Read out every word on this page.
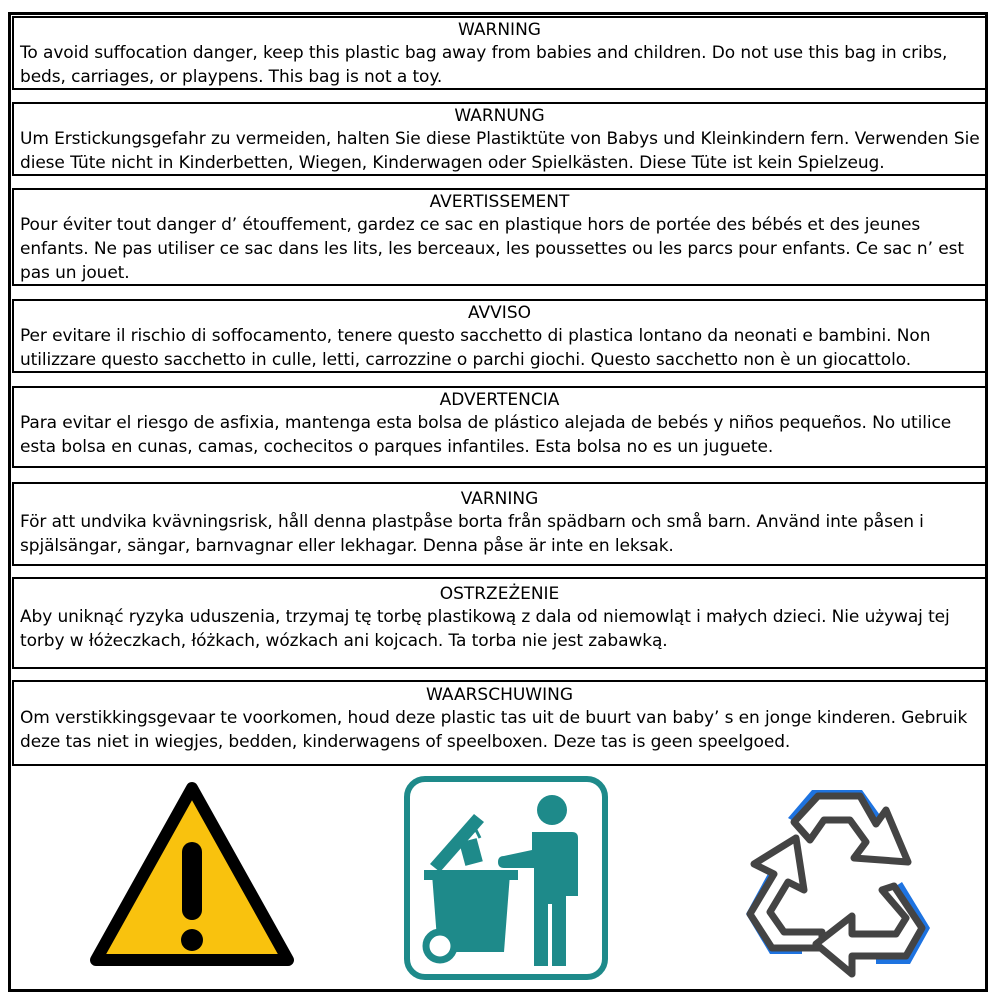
WARNING
To avoid suffocation danger, keep this plastic bag away from babies and children. Do not use this bag in cribs, beds, carriages, or playpens. This bag is not a toy.
WARNUNG
Um Erstickungsgefahr zu vermeiden, halten Sie diese Plastiktüte von Babys und Kleinkindern fern. Verwenden Sie diese Tüte nicht in Kinderbetten, Wiegen, Kinderwagen oder Spielkästen. Diese Tüte ist kein Spielzeug.
AVERTISSEMENT
Pour éviter tout danger d’ étouffement, gardez ce sac en plastique hors de portée des bébés et des jeunes enfants. Ne pas utiliser ce sac dans les lits, les berceaux, les poussettes ou les parcs pour enfants. Ce sac n’ est pas un jouet.
AVVISO
Per evitare il rischio di soffocamento, tenere questo sacchetto di plastica lontano da neonati e bambini. Non utilizzare questo sacchetto in culle, letti, carrozzine o parchi giochi. Questo sacchetto non è un giocattolo.
ADVERTENCIA
Para evitar el riesgo de asfixia, mantenga esta bolsa de plástico alejada de bebés y niños pequeños. No utilice esta bolsa en cunas, camas, cochecitos o parques infantiles. Esta bolsa no es un juguete.
VARNING
För att undvika kvävningsrisk, håll denna plastpåse borta från spädbarn och små barn. Använd inte påsen i spjälsängar, sängar, barnvagnar eller lekhagar. Denna påse är inte en leksak.
OSTRZEŻENIE
Aby uniknąć ryzyka uduszenia, trzymaj tę torbę plastikową z dala od niemowląt i małych dzieci. Nie używaj tej torby w łóżeczkach, łóżkach, wózkach ani kojcach. Ta torba nie jest zabawką.
WAARSCHUWING
Om verstikkingsgevaar te voorkomen, houd deze plastic tas uit de buurt van baby’ s en jonge kinderen. Gebruik deze tas niet in wiegjes, bedden, kinderwagens of speelboxen. Deze tas is geen speelgoed.
